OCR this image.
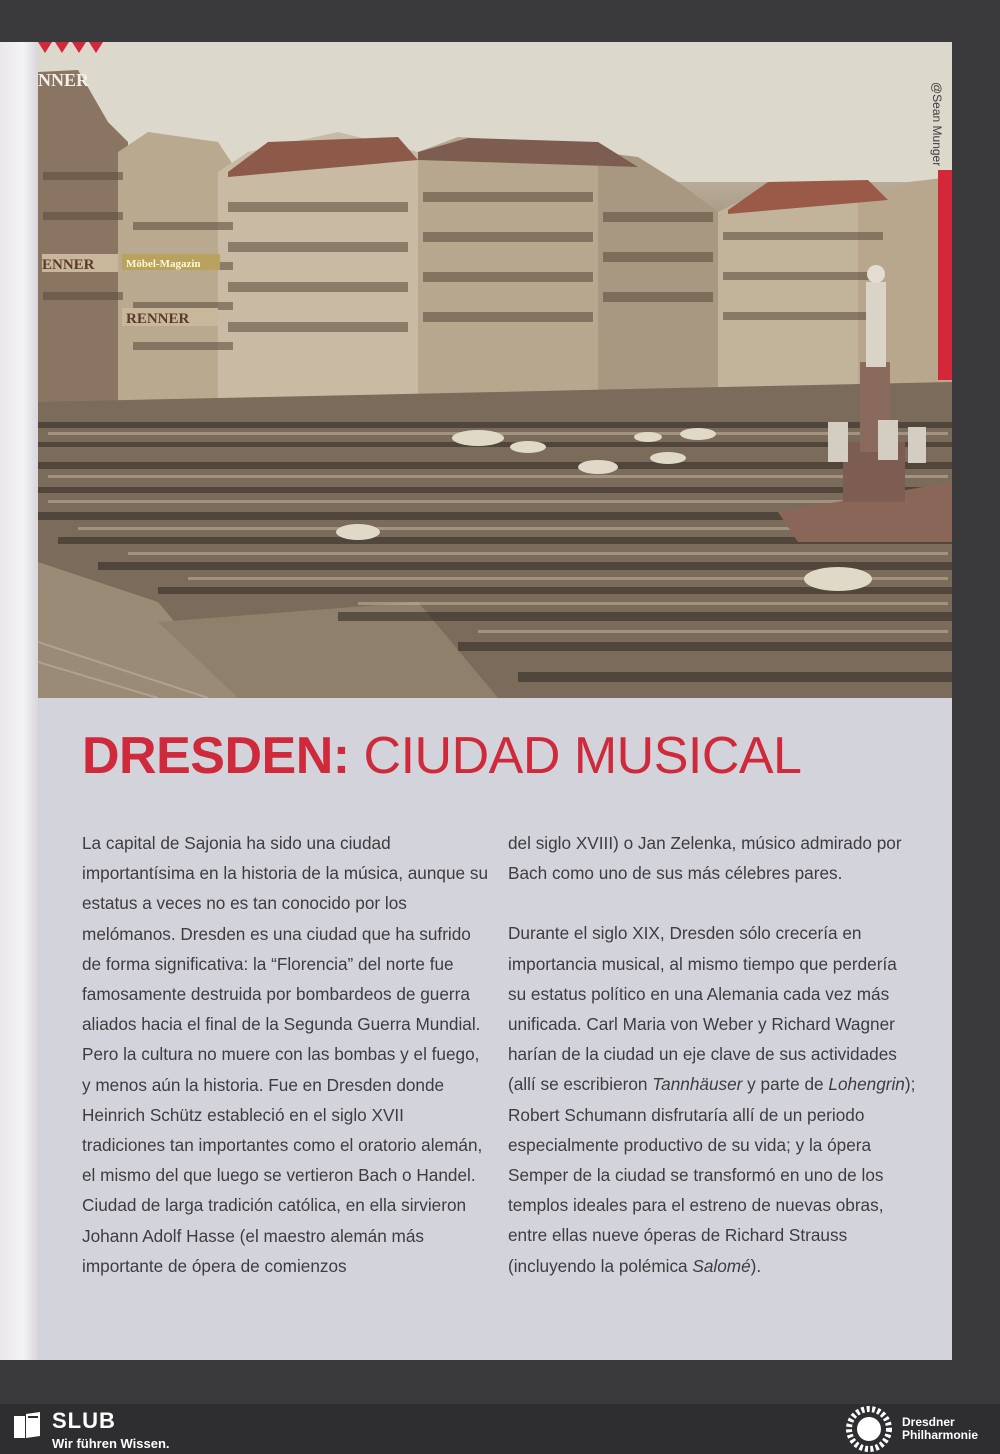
NNER
Möbel-Magazin
RENNER
ENNER
@Sean Munger
DRESDEN: CIUDAD MUSICAL

La capital de Sajonia ha sido una ciudad importantísima en la historia de la música, aunque su estatus a veces no es tan conocido por los melómanos. Dresden es una ciudad que ha sufrido de forma significativa: la “Florencia” del norte fue famosamente destruida por bombardeos de guerra aliados hacia el final de la Segunda Guerra Mundial. Pero la cultura no muere con las bombas y el fuego, y menos aún la historia. Fue en Dresden donde Heinrich Schütz estableció en el siglo XVII tradiciones tan importantes como el oratorio alemán, el mismo del que luego se vertieron Bach o Handel. Ciudad de larga tradición católica, en ella sirvieron Johann Adolf Hasse (el maestro alemán más importante de ópera de comienzos

del siglo XVIII) o Jan Zelenka, músico admirado por Bach como uno de sus más célebres pares.

Durante el siglo XIX, Dresden sólo crecería en importancia musical, al mismo tiempo que perdería su estatus político en una Alemania cada vez más unificada. Carl Maria von Weber y Richard Wagner harían de la ciudad un eje clave de sus actividades (allí se escribieron Tannhäuser y parte de Lohengrin); Robert Schumann disfrutaría allí de un periodo especialmente productivo de su vida; y la ópera Semper de la ciudad se transformó en uno de los templos ideales para el estreno de nuevas obras, entre ellas nueve óperas de Richard Strauss (incluyendo la polémica Salomé).

SLUB
Wir führen Wissen.
Dresdner
Philharmonie
